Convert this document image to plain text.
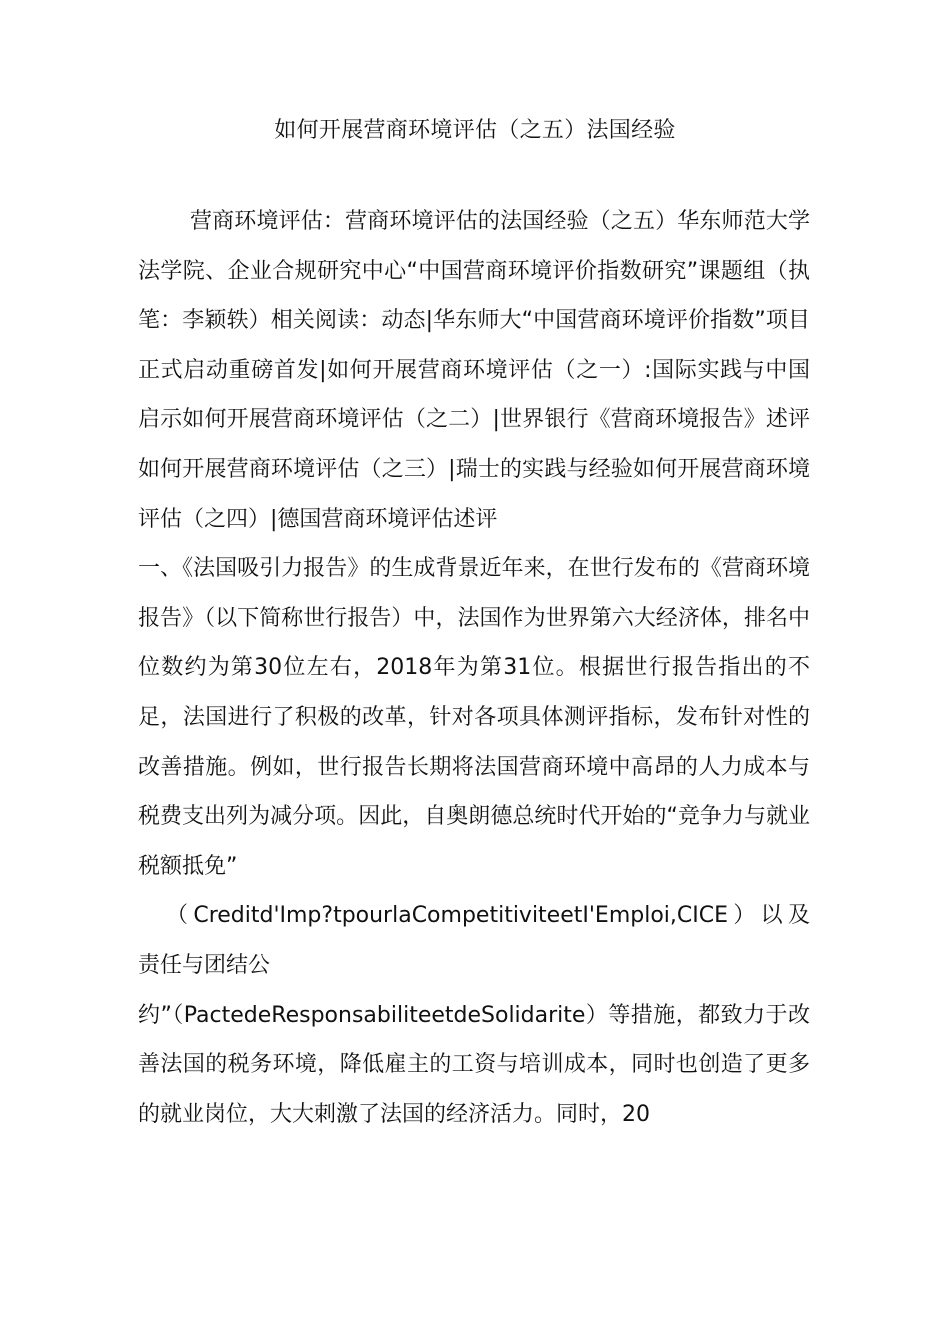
如何开展营商环境评估（之五）法国经验

营商环境评估：营商环境评估的法国经验（之五）华东师范大学法学院、企业合规研究中心“中国营商环境评价指数研究”课题组（执笔：李颖轶）相关阅读：动态|华东师大“中国营商环境评价指数”项目正式启动重磅首发|如何开展营商环境评估（之一）:国际实践与中国启示如何开展营商环境评估（之二）|世界银行《营商环境报告》述评如何开展营商环境评估（之三）|瑞士的实践与经验如何开展营商环境评估（之四）|德国营商环境评估述评

一、《法国吸引力报告》的生成背景近年来，在世行发布的《营商环境报告》（以下简称世行报告）中，法国作为世界第六大经济体，排名中位数约为第30位左右，2018年为第31位。根据世行报告指出的不足，法国进行了积极的改革，针对各项具体测评指标，发布针对性的改善措施。例如，世行报告长期将法国营商环境中高昂的人力成本与税费支出列为减分项。因此，自奥朗德总统时代开始的“竞争力与就业税额抵免”

（Creditd'Imp?tpourlaCompetitiviteetI'Emploi,CICE）以及责任与团结公

约”（PactedeResponsabiliteetdeSolidarite）等措施，都致力于改善法国的税务环境，降低雇主的工资与培训成本，同时也创造了更多的就业岗位，大大刺激了法国的经济活力。同时，20
